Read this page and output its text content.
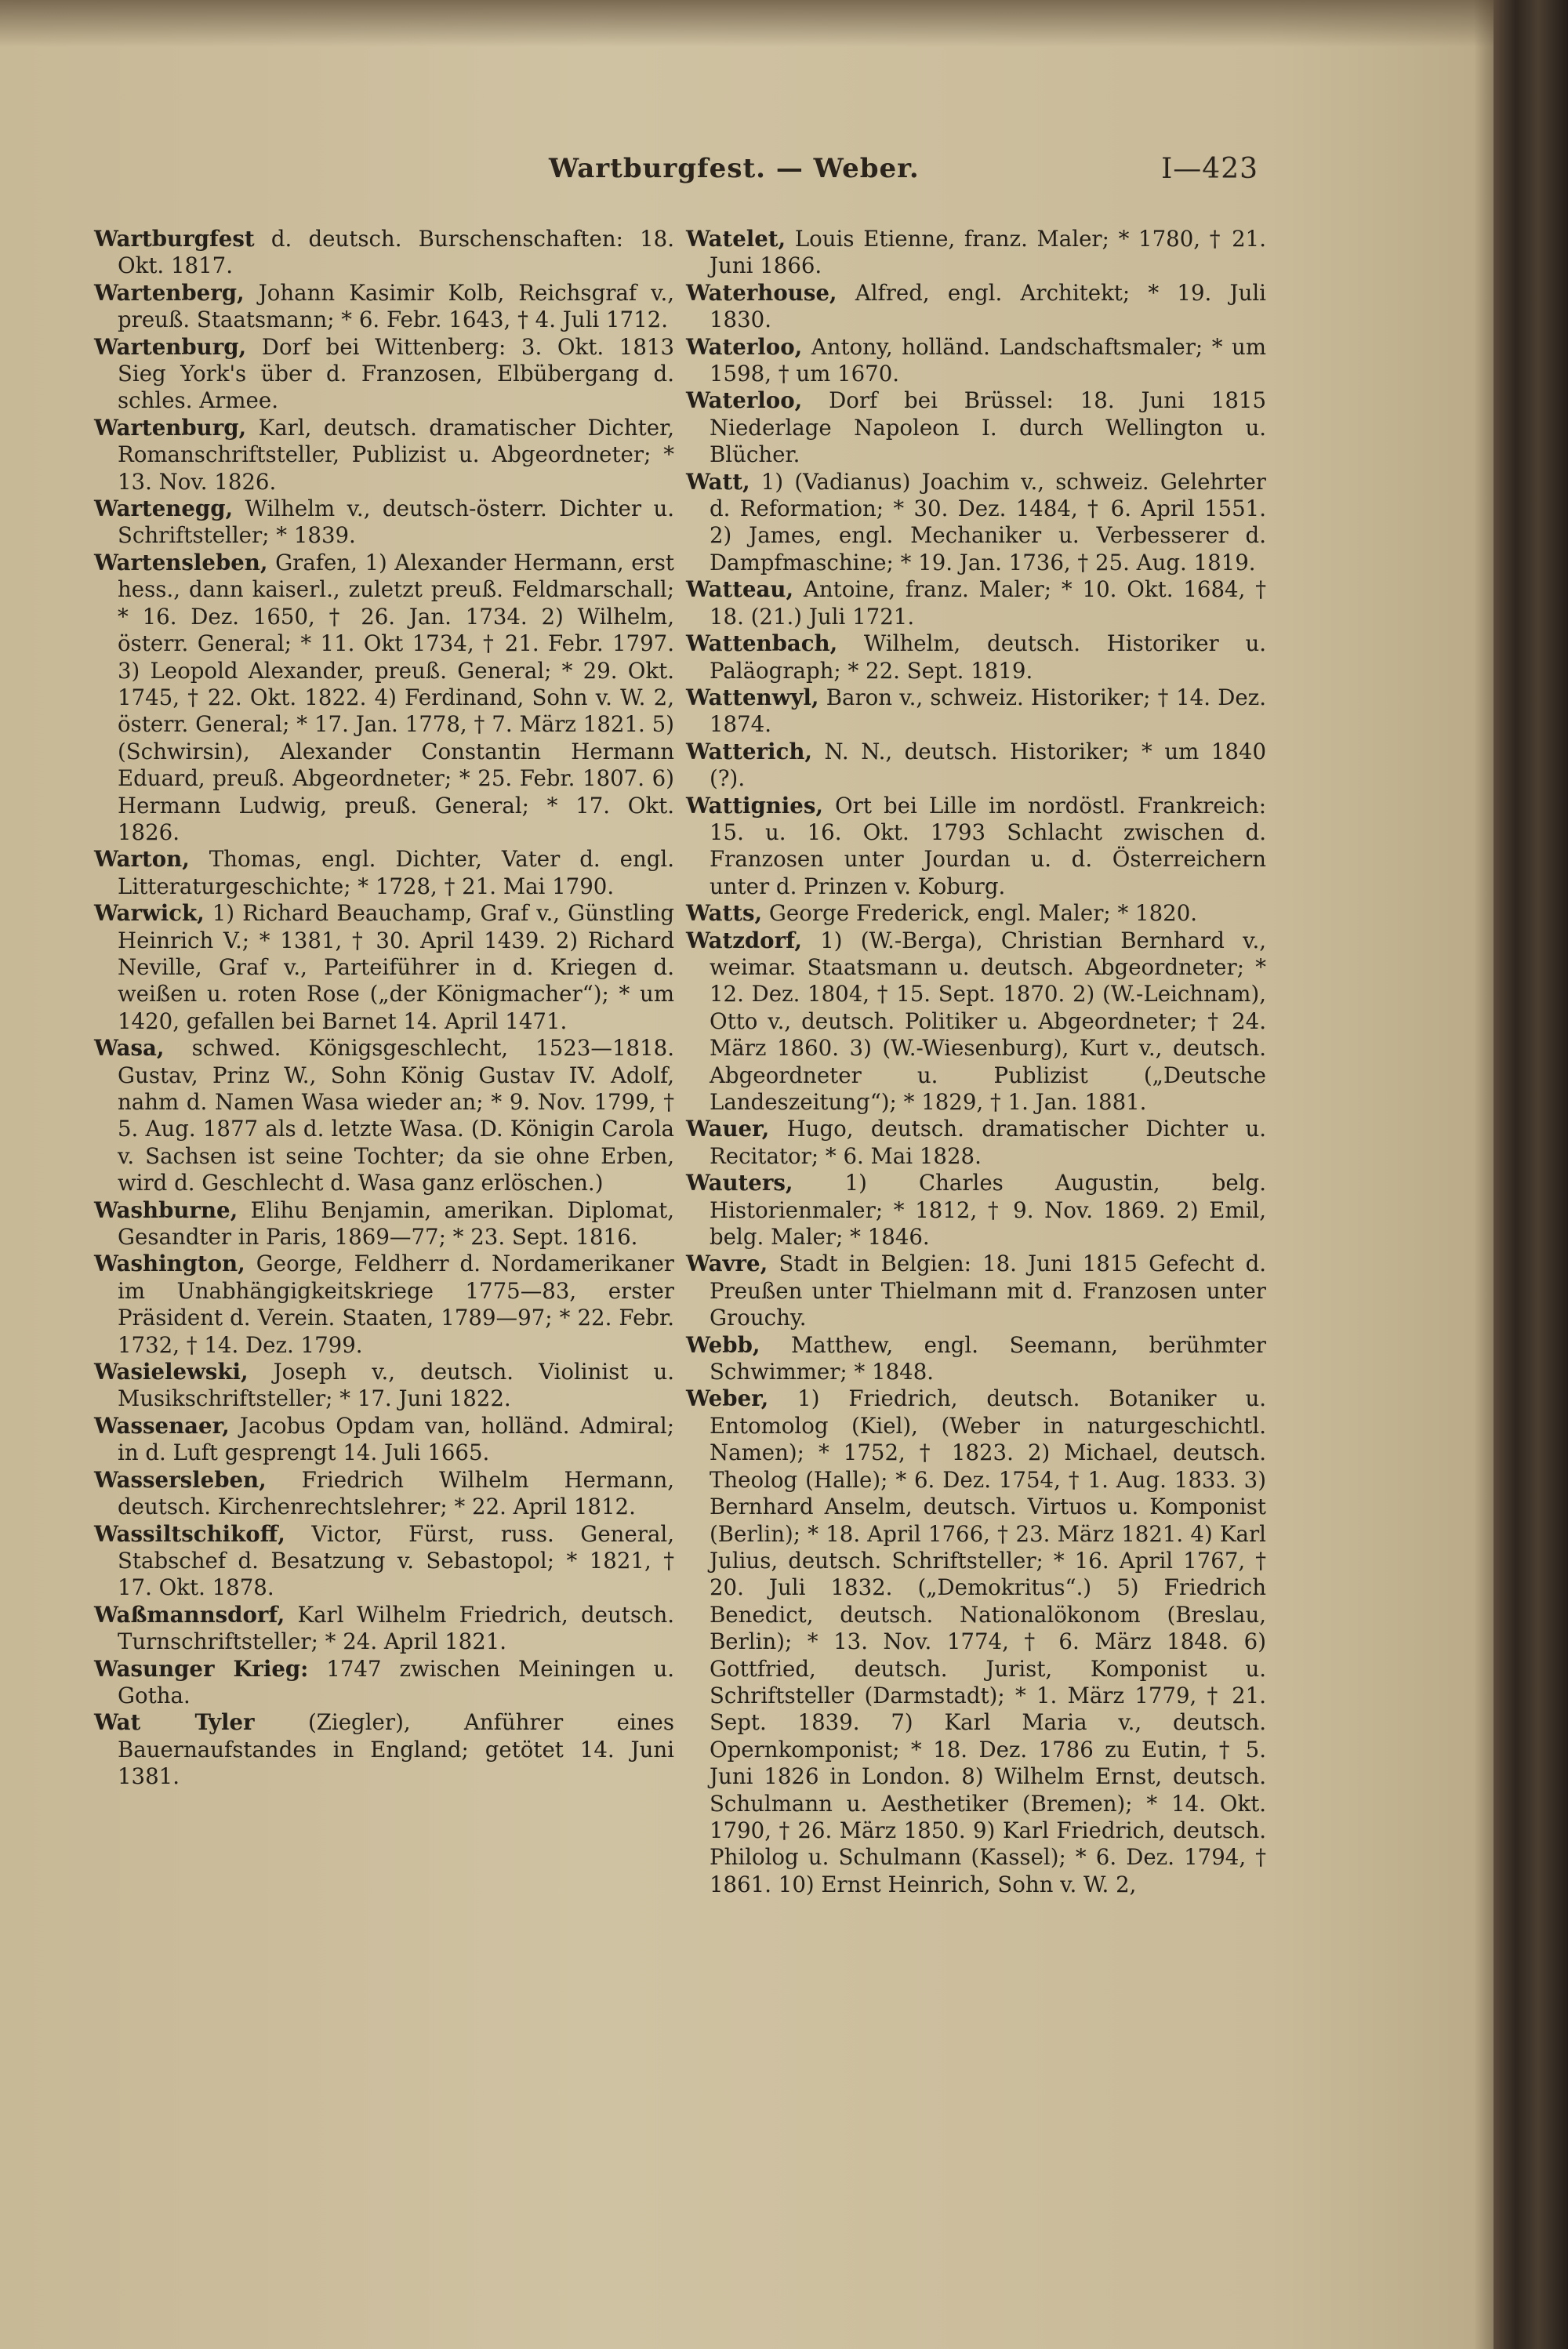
Wartburgfest. — Weber.	I—423

Wartburgfest d. deutsch. Burschenschaften: 18. Okt. 1817.

Wartenberg, Johann Kasimir Kolb, Reichsgraf v., preuß. Staatsmann; * 6. Febr. 1643, † 4. Juli 1712.

Wartenburg, Dorf bei Wittenberg: 3. Okt. 1813 Sieg York's über d. Franzosen, Elbübergang d. schles. Armee.

Wartenburg, Karl, deutsch. dramatischer Dichter, Romanschriftsteller, Publizist u. Abgeordneter; * 13. Nov. 1826.

Wartenegg, Wilhelm v., deutsch-österr. Dichter u. Schriftsteller; * 1839.

Wartensleben, Grafen, 1) Alexander Hermann, erst hess., dann kaiserl., zuletzt preuß. Feldmarschall; * 16. Dez. 1650, † 26. Jan. 1734. 2) Wilhelm, österr. General; * 11. Okt 1734, † 21. Febr. 1797. 3) Leopold Alexander, preuß. General; * 29. Okt. 1745, † 22. Okt. 1822. 4) Ferdinand, Sohn v. W. 2, österr. General; * 17. Jan. 1778, † 7. März 1821. 5) (Schwirsin), Alexander Constantin Hermann Eduard, preuß. Abgeordneter; * 25. Febr. 1807. 6) Hermann Ludwig, preuß. General; * 17. Okt. 1826.

Warton, Thomas, engl. Dichter, Vater d. engl. Litteraturgeschichte; * 1728, † 21. Mai 1790.

Warwick, 1) Richard Beauchamp, Graf v., Günstling Heinrich V.; * 1381, † 30. April 1439. 2) Richard Neville, Graf v., Parteiführer in d. Kriegen d. weißen u. roten Rose („der Königmacher“); * um 1420, gefallen bei Barnet 14. April 1471.

Wasa, schwed. Königsgeschlecht, 1523—1818. Gustav, Prinz W., Sohn König Gustav IV. Adolf, nahm d. Namen Wasa wieder an; * 9. Nov. 1799, † 5. Aug. 1877 als d. letzte Wasa. (D. Königin Carola v. Sachsen ist seine Tochter; da sie ohne Erben, wird d. Geschlecht d. Wasa ganz erlöschen.)

Washburne, Elihu Benjamin, amerikan. Diplomat, Gesandter in Paris, 1869—77; * 23. Sept. 1816.

Washington, George, Feldherr d. Nordamerikaner im Unabhängigkeitskriege 1775—83, erster Präsident d. Verein. Staaten, 1789—97; * 22. Febr. 1732, † 14. Dez. 1799.

Wasielewski, Joseph v., deutsch. Violinist u. Musikschriftsteller; * 17. Juni 1822.

Wassenaer, Jacobus Opdam van, holländ. Admiral; in d. Luft gesprengt 14. Juli 1665.

Wassersleben, Friedrich Wilhelm Hermann, deutsch. Kirchenrechtslehrer; * 22. April 1812.

Wassiltschikoff, Victor, Fürst, russ. General, Stabschef d. Besatzung v. Sebastopol; * 1821, † 17. Okt. 1878.

Waßmannsdorf, Karl Wilhelm Friedrich, deutsch. Turnschriftsteller; * 24. April 1821.

Wasunger Krieg: 1747 zwischen Meiningen u. Gotha.

Wat Tyler (Ziegler), Anführer eines Bauernaufstandes in England; getötet 14. Juni 1381.

Watelet, Louis Etienne, franz. Maler; * 1780, † 21. Juni 1866.

Waterhouse, Alfred, engl. Architekt; * 19. Juli 1830.

Waterloo, Antony, holländ. Landschaftsmaler; * um 1598, † um 1670.

Waterloo, Dorf bei Brüssel: 18. Juni 1815 Niederlage Napoleon I. durch Wellington u. Blücher.

Watt, 1) (Vadianus) Joachim v., schweiz. Gelehrter d. Reformation; * 30. Dez. 1484, † 6. April 1551. 2) James, engl. Mechaniker u. Verbesserer d. Dampfmaschine; * 19. Jan. 1736, † 25. Aug. 1819.

Watteau, Antoine, franz. Maler; * 10. Okt. 1684, † 18. (21.) Juli 1721.

Wattenbach, Wilhelm, deutsch. Historiker u. Paläograph; * 22. Sept. 1819.

Wattenwyl, Baron v., schweiz. Historiker; † 14. Dez. 1874.

Watterich, N. N., deutsch. Historiker; * um 1840 (?).

Wattignies, Ort bei Lille im nordöstl. Frankreich: 15. u. 16. Okt. 1793 Schlacht zwischen d. Franzosen unter Jourdan u. d. Österreichern unter d. Prinzen v. Koburg.

Watts, George Frederick, engl. Maler; * 1820.

Watzdorf, 1) (W.-Berga), Christian Bernhard v., weimar. Staatsmann u. deutsch. Abgeordneter; * 12. Dez. 1804, † 15. Sept. 1870. 2) (W.-Leichnam), Otto v., deutsch. Politiker u. Abgeordneter; † 24. März 1860. 3) (W.-Wiesenburg), Kurt v., deutsch. Abgeordneter u. Publizist („Deutsche Landeszeitung“); * 1829, † 1. Jan. 1881.

Wauer, Hugo, deutsch. dramatischer Dichter u. Recitator; * 6. Mai 1828.

Wauters, 1) Charles Augustin, belg. Historienmaler; * 1812, † 9. Nov. 1869. 2) Emil, belg. Maler; * 1846.

Wavre, Stadt in Belgien: 18. Juni 1815 Gefecht d. Preußen unter Thielmann mit d. Franzosen unter Grouchy.

Webb, Matthew, engl. Seemann, berühmter Schwimmer; * 1848.

Weber, 1) Friedrich, deutsch. Botaniker u. Entomolog (Kiel), (Weber in naturgeschichtl. Namen); * 1752, † 1823. 2) Michael, deutsch. Theolog (Halle); * 6. Dez. 1754, † 1. Aug. 1833. 3) Bernhard Anselm, deutsch. Virtuos u. Komponist (Berlin); * 18. April 1766, † 23. März 1821. 4) Karl Julius, deutsch. Schriftsteller; * 16. April 1767, † 20. Juli 1832. („Demokritus“.) 5) Friedrich Benedict, deutsch. Nationalökonom (Breslau, Berlin); * 13. Nov. 1774, † 6. März 1848. 6) Gottfried, deutsch. Jurist, Komponist u. Schriftsteller (Darmstadt); * 1. März 1779, † 21. Sept. 1839. 7) Karl Maria v., deutsch. Opernkomponist; * 18. Dez. 1786 zu Eutin, † 5. Juni 1826 in London. 8) Wilhelm Ernst, deutsch. Schulmann u. Aesthetiker (Bremen); * 14. Okt. 1790, † 26. März 1850. 9) Karl Friedrich, deutsch. Philolog u. Schulmann (Kassel); * 6. Dez. 1794, † 1861. 10) Ernst Heinrich, Sohn v. W. 2,
